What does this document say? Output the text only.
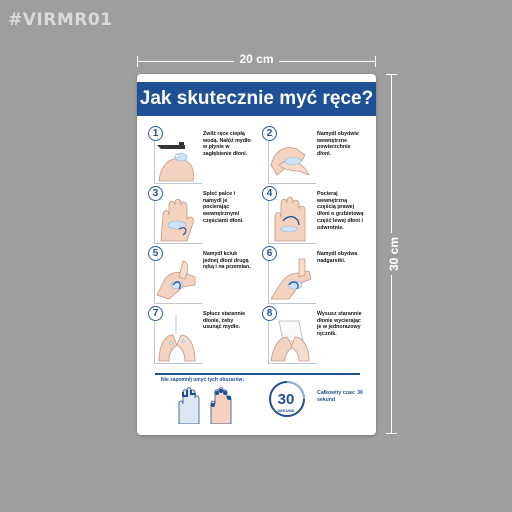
#VIRMR01
20 cm
30 cm
Jak skutecznie myć ręce?
1	Zwilż ręce ciepłą wodą. Nałóż mydło w płynie w zagłębienie dłoni.
2	Namydl obydwie wewnętrzne powierzchnie dłoni.
3	Spleć palce i namydl je pocierając wewnętrznymi częściami dłoni.
4	Pocieraj wewnętrzną częścią prawej dłoni o grzbietową część lewej dłoni i odwrotnie.
5	Namydl kciuk jednej dłoni drugą ręką i na przemian.
6	Namydl obydwa nadgarstki.
7	Spłucz starannie dłonie, żeby usunąć mydło.
8	Wysusz starannie dłonie wycierając je w jednorazowy ręcznik.
Nie zapomnij umyć tych obszarów:
30
SEKUND
Całkowity czas: 30 sekund
